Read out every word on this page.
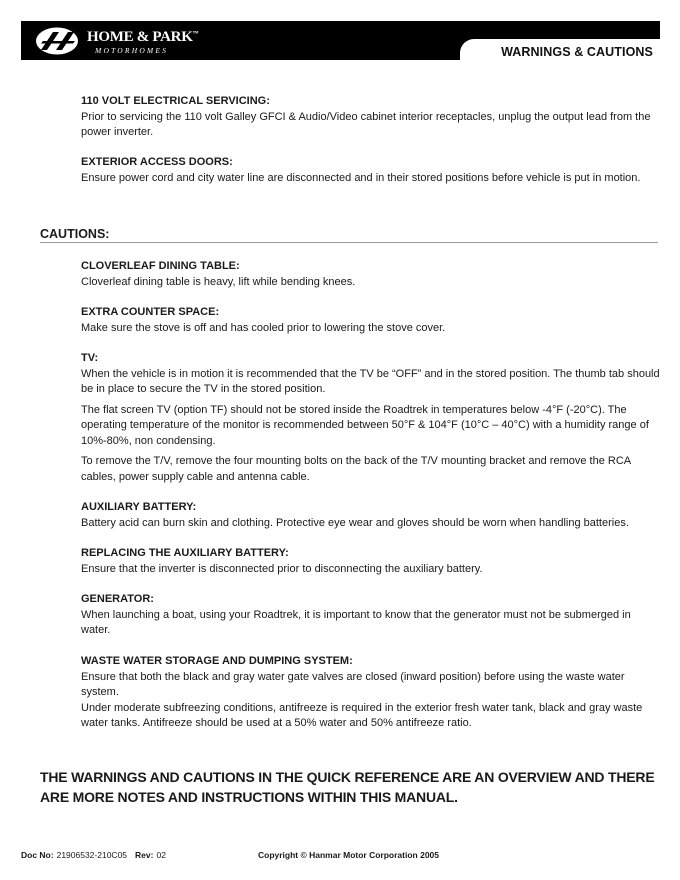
HOME & PARK™
MOTORHOMES	WARNINGS & CAUTIONS
110 VOLT ELECTRICAL SERVICING:

Prior to servicing the 110 volt Galley GFCI & Audio/Video cabinet interior receptacles, unplug the output lead from the power inverter.

EXTERIOR ACCESS DOORS:

Ensure power cord and city water line are disconnected and in their stored positions before vehicle is put in motion.

CAUTIONS:
CLOVERLEAF DINING TABLE:

Cloverleaf dining table is heavy, lift while bending knees.

EXTRA COUNTER SPACE:

Make sure the stove is off and has cooled prior to lowering the stove cover.

TV:

When the vehicle is in motion it is recommended that the TV be “OFF” and in the stored position. The thumb tab should be in place to secure the TV in the stored position.

The flat screen TV (option TF) should not be stored inside the Roadtrek in temperatures below -4°F (-20°C). The operating temperature of the monitor is recommended between 50°F & 104°F (10°C – 40°C) with a humidity range of 10%-80%, non condensing.

To remove the T/V, remove the four mounting bolts on the back of the T/V mounting bracket and remove the RCA cables, power supply cable and antenna cable.

AUXILIARY BATTERY:

Battery acid can burn skin and clothing. Protective eye wear and gloves should be worn when handling batteries.

REPLACING THE AUXILIARY BATTERY:

Ensure that the inverter is disconnected prior to disconnecting the auxiliary battery.

GENERATOR:

When launching a boat, using your Roadtrek, it is important to know that the generator must not be submerged in water.

WASTE WATER STORAGE AND DUMPING SYSTEM:

Ensure that both the black and gray water gate valves are closed (inward position) before using the waste water system.

Under moderate subfreezing conditions, antifreeze is required in the exterior fresh water tank, black and gray waste water tanks. Antifreeze should be used at a 50% water and 50% antifreeze ratio.

THE WARNINGS AND CAUTIONS IN THE QUICK REFERENCE ARE AN OVERVIEW AND THERE ARE MORE NOTES AND INSTRUCTIONS WITHIN THIS MANUAL.
Doc No: 21906532-210C05 Rev: 02	Copyright © Hanmar Motor Corporation 2005
